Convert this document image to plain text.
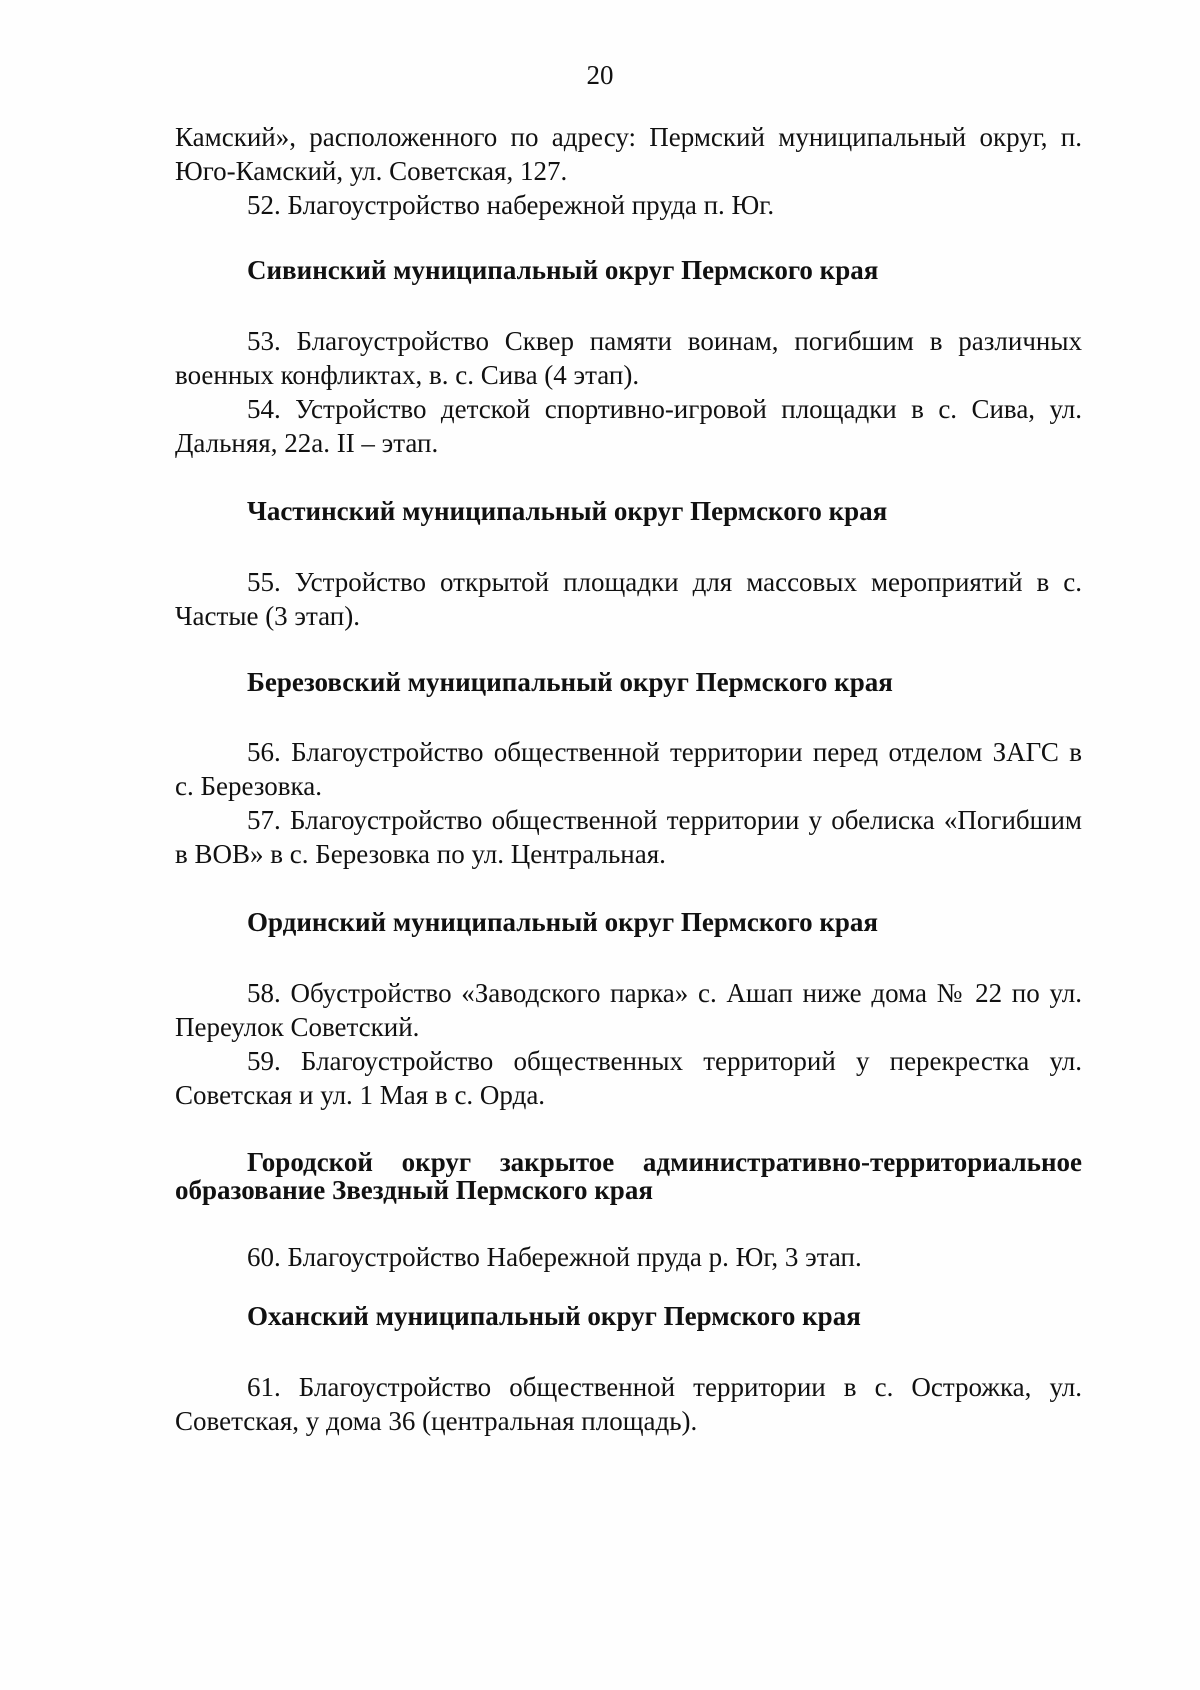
20

Камский», расположенного по адресу: Пермский муниципальный округ, п. Юго-Камский, ул. Советская, 127.

52. Благоустройство набережной пруда п. Юг.

Сивинский муниципальный округ Пермского края

53. Благоустройство Сквер памяти воинам, погибшим в различных военных конфликтах, в. с. Сива (4 этап).

54. Устройство детской спортивно-игровой площадки в с. Сива, ул. Дальняя, 22а. II – этап.

Частинский муниципальный округ Пермского края

55. Устройство открытой площадки для массовых мероприятий в с. Частые (3 этап).

Березовский муниципальный округ Пермского края

56. Благоустройство общественной территории перед отделом ЗАГС в с. Березовка.

57. Благоустройство общественной территории у обелиска «Погибшим в ВОВ» в с. Березовка по ул. Центральная.

Ординский муниципальный округ Пермского края

58. Обустройство «Заводского парка» с. Ашап ниже дома № 22 по ул. Переулок Советский.

59. Благоустройство общественных территорий у перекрестка ул. Советская и ул. 1 Мая в с. Орда.

Городской округ закрытое административно-территориальное образование Звездный Пермского края

60. Благоустройство Набережной пруда р. Юг, 3 этап.

Оханский муниципальный округ Пермского края

61. Благоустройство общественной территории в с. Острожка, ул. Советская, у дома 36 (центральная площадь).
